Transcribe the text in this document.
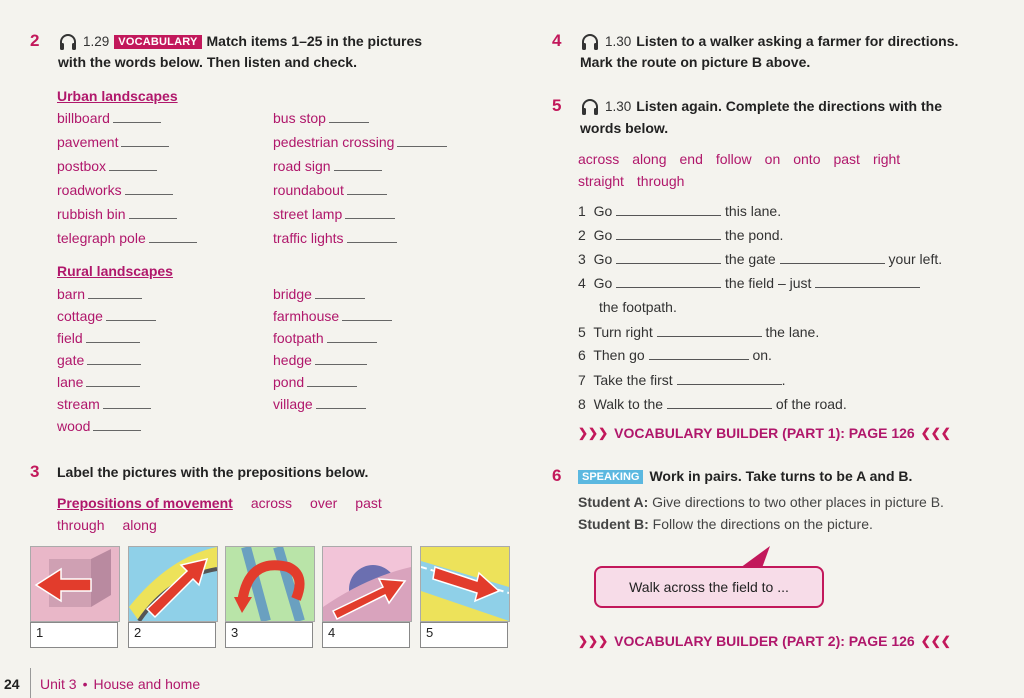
2	1.29 VOCABULARY Match items 1–25 in the pictures
with the words below. Then listen and check.
Urban landscapes
billboard
pavement
postbox
roadworks
rubbish bin
telegraph pole
bus stop
pedestrian crossing
road sign
roundabout
street lamp
traffic lights
Rural landscapes
barn
cottage
field
gate
lane
stream
wood
bridge
farmhouse
footpath
hedge
pond
village
3 Label the pictures with the prepositions below.
Prepositions of movement across over past
through along
1	2	3	4	5
4	1.30 Listen to a walker asking a farmer for directions.
Mark the route on picture B above.
5	1.30 Listen again. Complete the directions with the
words below.
across along end follow on onto past right
straight through
1 Go	this lane.
2 Go	the pond.
3 Go	the gate	your left.
4 Go	the field – just
the footpath.
5 Turn right	the lane.
6 Then go	on.
7 Take the first	.
8 Walk to the	of the road.
❯❯❯ VOCABULARY BUILDER (PART 1): PAGE 126 ❮❮❮
6	SPEAKING Work in pairs. Take turns to be A and B.
Student A: Give directions to two other places in picture B.
Student B: Follow the directions on the picture.
Walk across the field to ...
❯❯❯ VOCABULARY BUILDER (PART 2): PAGE 126 ❮❮❮
24 Unit 3 • House and home
